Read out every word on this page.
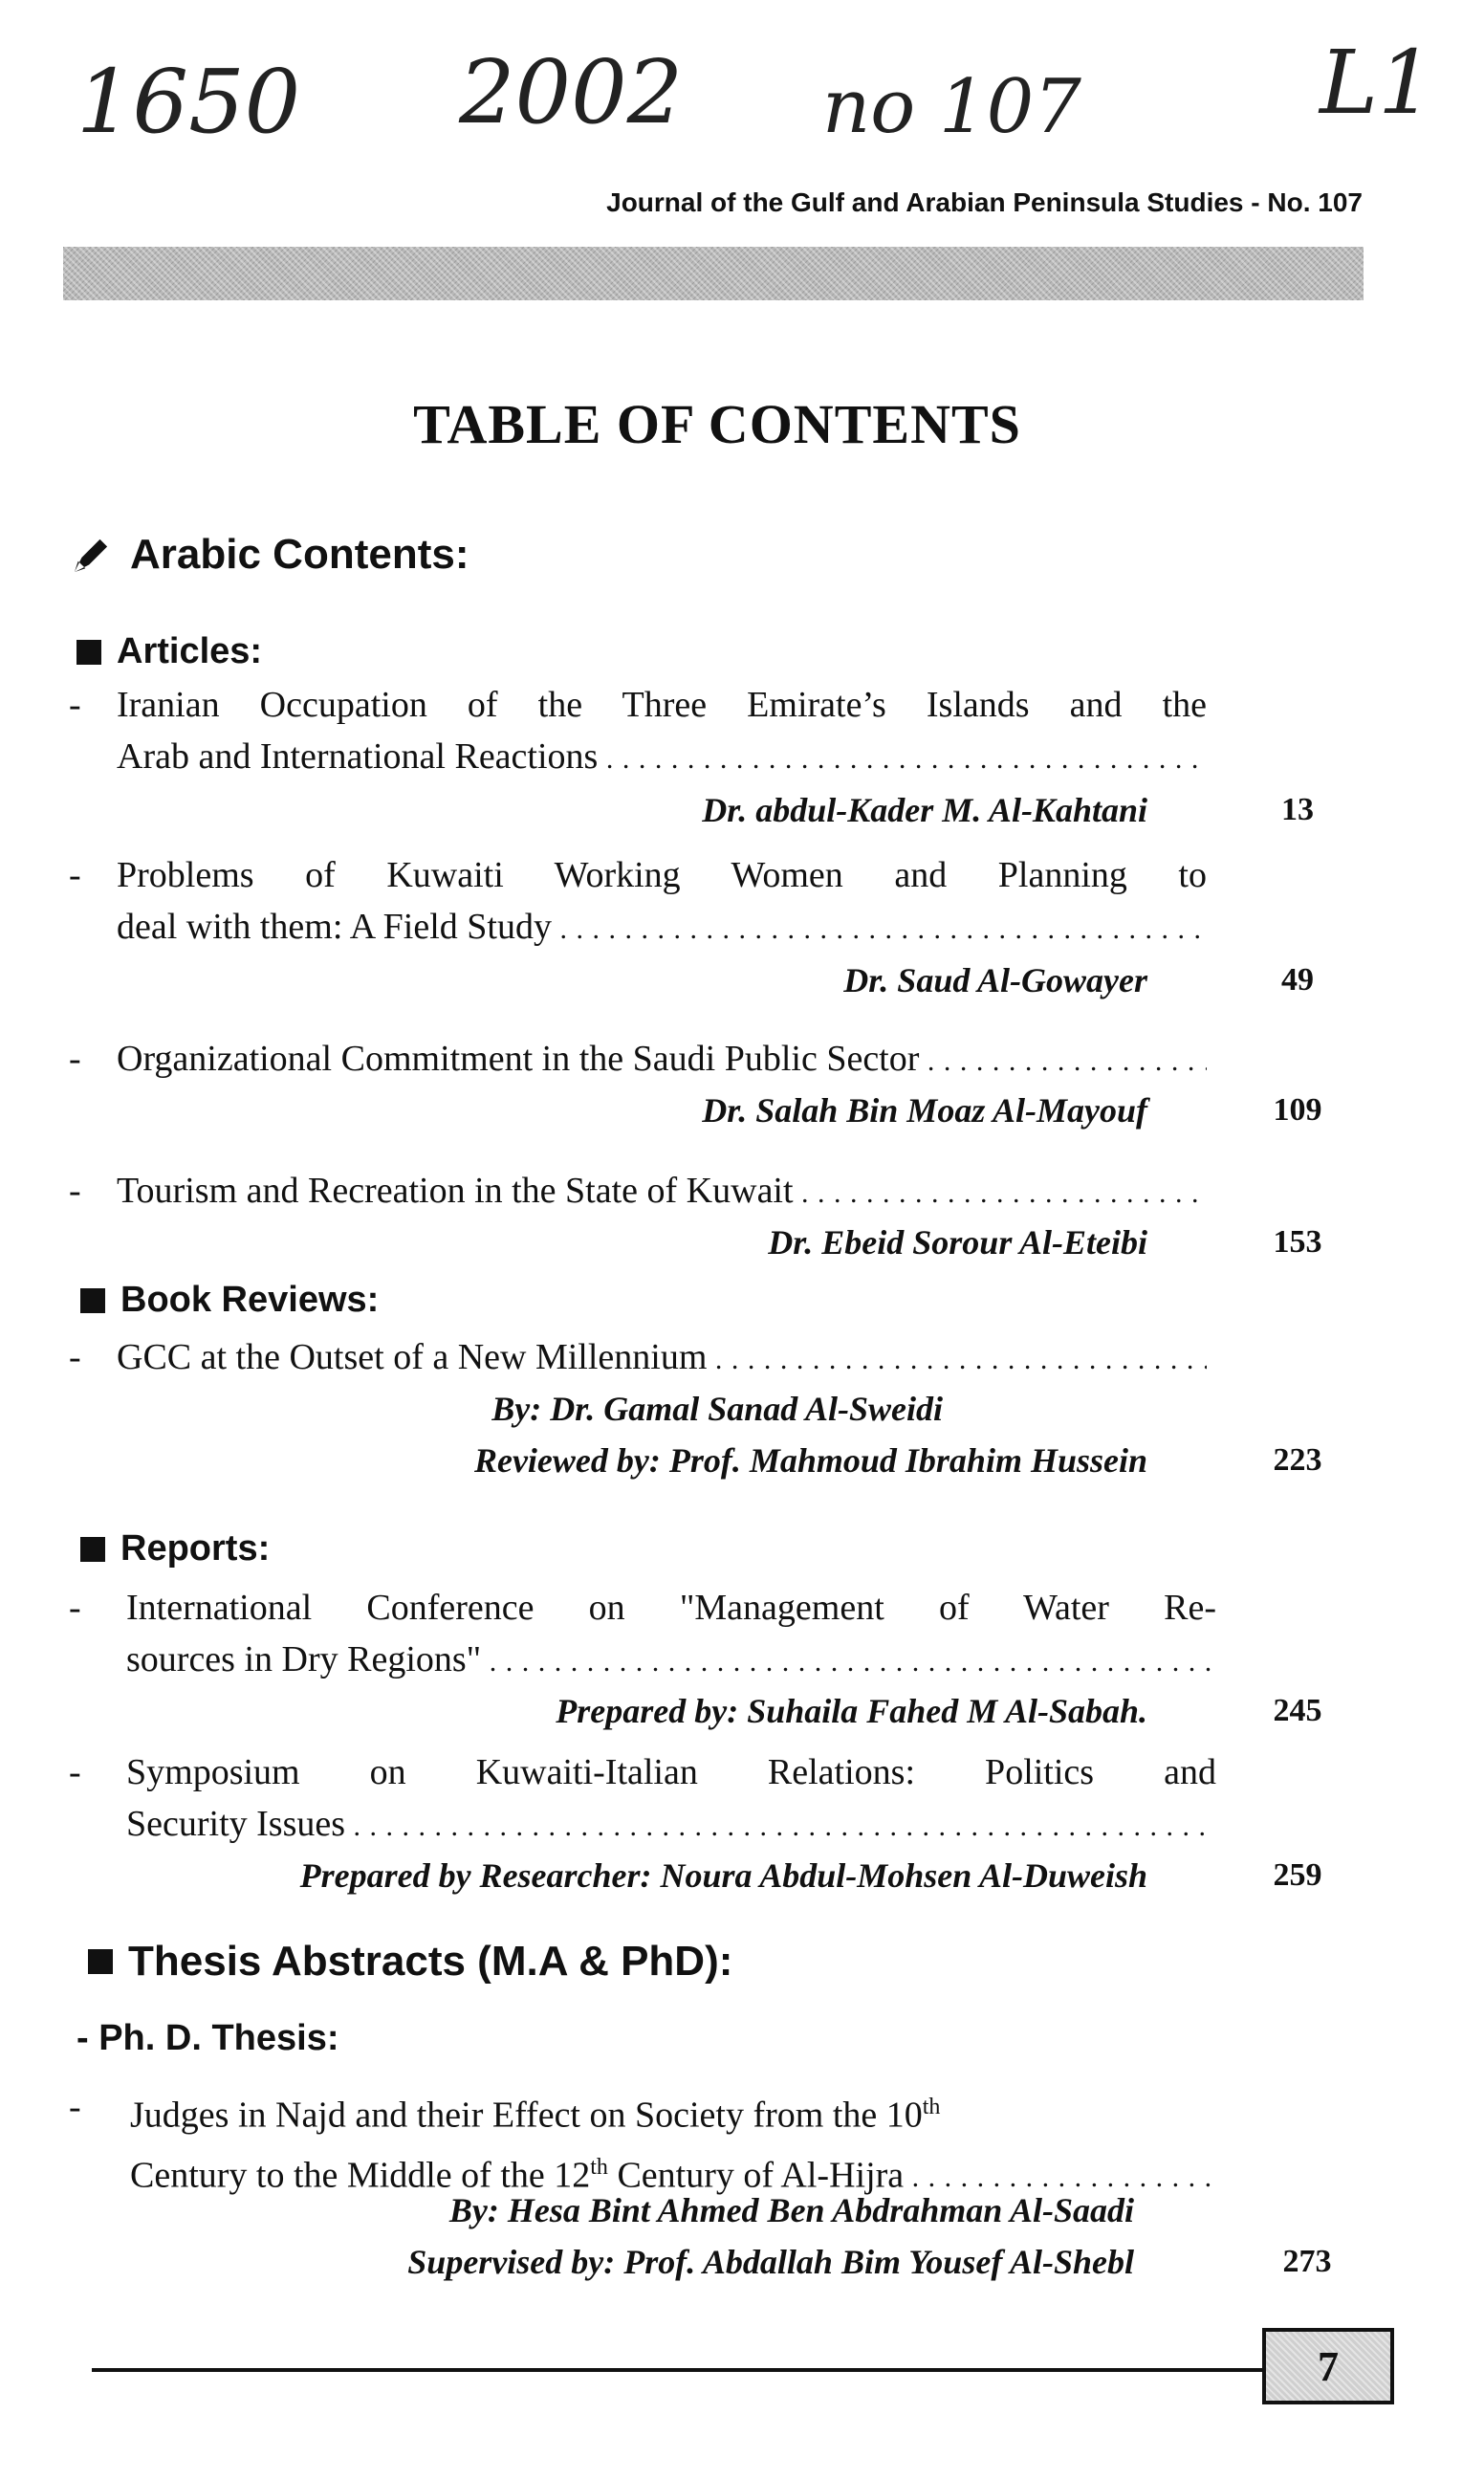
1650 2002 no 107	L1
Journal of the Gulf and Arabian Peninsula Studies - No. 107
TABLE OF CONTENTS
Arabic Contents:
Articles:
- Iranian Occupation of the Three Emirate’s Islands and the
Arab and International Reactions . . .
Dr. abdul-Kader M. Al-Kahtani	13
- Problems of Kuwaiti Working Women and Planning to
deal with them: A Field Study . . .
Dr. Saud Al-Gowayer	49
- Organizational Commitment in the Saudi Public Sector . . .
Dr. Salah Bin Moaz Al-Mayouf	109
- Tourism and Recreation in the State of Kuwait . . .
Dr. Ebeid Sorour Al-Eteibi	153
Book Reviews:
- GCC at the Outset of a New Millennium . . .
By: Dr. Gamal Sanad Al-Sweidi
Reviewed by: Prof. Mahmoud Ibrahim Hussein	223
Reports:
- International Conference on "Management of Water Re-
sources in Dry Regions" . . .
Prepared by: Suhaila Fahed M Al-Sabah.	245
- Symposium on Kuwaiti-Italian Relations: Politics and
Security Issues . . .
Prepared by Researcher: Noura Abdul-Mohsen Al-Duweish	259
Thesis Abstracts (M.A & PhD):
- Ph. D. Thesis:
- Judges in Najd and their Effect on Society from the 10th
Century to the Middle of the 12th Century of Al-Hijra . . .
By: Hesa Bint Ahmed Ben Abdrahman Al-Saadi
Supervised by: Prof. Abdallah Bim Yousef Al-Shebl	273
7
